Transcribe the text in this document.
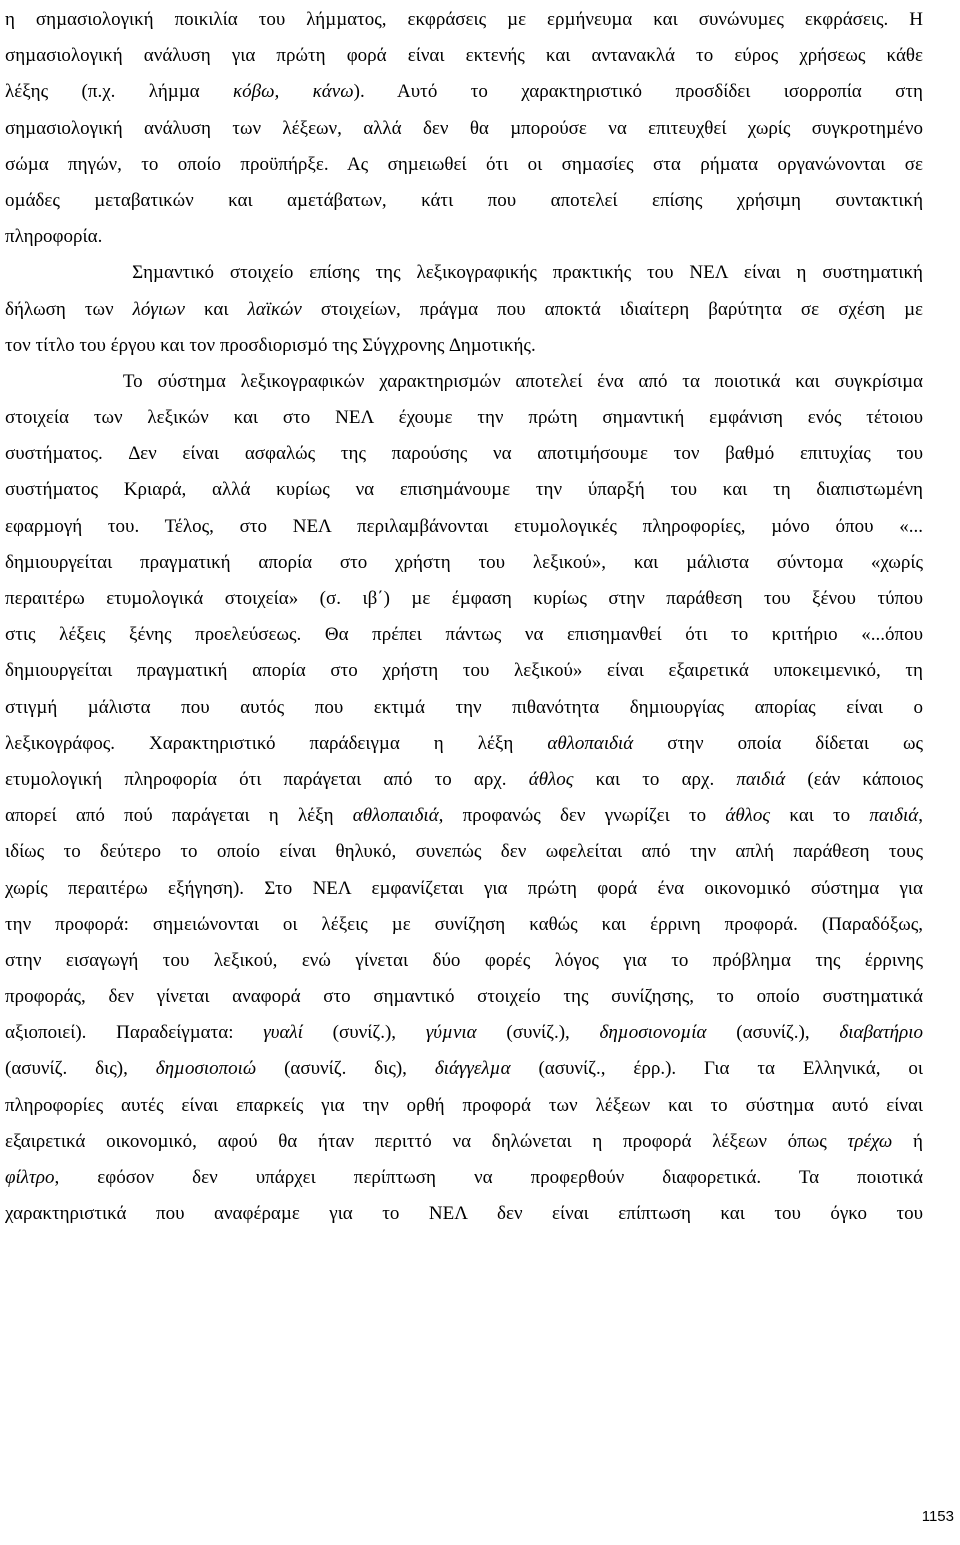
η σηµασιολογική ποικιλία του λήµµατος, εκφράσεις µε ερµήνευµα και συνώνυµες εκφράσεις. Η
σηµασιολογική ανάλυση για πρώτη φορά είναι εκτενής και αντανακλά το εύρος χρήσεως κάθε
λέξης (π.χ. λήµµα κόβω, κάνω). Αυτό το χαρακτηριστικό προσδίδει ισορροπία στη
σηµασιολογική ανάλυση των λέξεων, αλλά δεν θα µπορούσε να επιτευχθεί χωρίς συγκροτηµένο
σώµα πηγών, το οποίο προϋπήρξε. Ας σηµειωθεί ότι οι σηµασίες στα ρήµατα οργανώνονται σε
οµάδες µεταβατικών και αµετάβατων, κάτι που αποτελεί επίσης χρήσιµη συντακτική
πληροφορία.
Σηµαντικό στοιχείο επίσης της λεξικογραφικής πρακτικής του ΝΕΛ είναι η συστηµατική
δήλωση των λόγιων και λαϊκών στοιχείων, πράγµα που αποκτά ιδιαίτερη βαρύτητα σε σχέση µε
τον τίτλο του έργου και τον προσδιορισµό της Σύγχρονης ∆ηµοτικής.
Το σύστηµα λεξικογραφικών χαρακτηρισµών αποτελεί ένα από τα ποιοτικά και συγκρίσιµα
στοιχεία των λεξικών και στο ΝΕΛ έχουµε την πρώτη σηµαντική εµφάνιση ενός τέτοιου
συστήµατος. ∆εν είναι ασφαλώς της παρούσης να αποτιµήσουµε τον βαθµό επιτυχίας του
συστήµατος Κριαρά, αλλά κυρίως να επισηµάνουµε την ύπαρξή του και τη διαπιστωµένη
εφαρµογή του. Τέλος, στο ΝΕΛ περιλαµβάνονται ετυµολογικές πληροφορίες, µόνο όπου «...
δηµιουργείται πραγµατική απορία στο χρήστη του λεξικού», και µάλιστα σύντοµα «χωρίς
περαιτέρω ετυµολογικά στοιχεία» (σ. ιβ΄) µε έµφαση κυρίως στην παράθεση του ξένου τύπου
στις λέξεις ξένης προελεύσεως. Θα πρέπει πάντως να επισηµανθεί ότι το κριτήριο «...όπου
δηµιουργείται πραγµατική απορία στο χρήστη του λεξικού» είναι εξαιρετικά υποκειµενικό, τη
στιγµή µάλιστα που αυτός που εκτιµά την πιθανότητα δηµιουργίας απορίας είναι ο
λεξικογράφος. Χαρακτηριστικό παράδειγµα η λέξη αθλοπαιδιά στην οποία δίδεται ως
ετυµολογική πληροφορία ότι παράγεται από το αρχ. άθλος και το αρχ. παιδιά (εάν κάποιος
απορεί από πού παράγεται η λέξη αθλοπαιδιά, προφανώς δεν γνωρίζει το άθλος και το παιδιά,
ιδίως το δεύτερο το οποίο είναι θηλυκό, συνεπώς δεν ωφελείται από την απλή παράθεση τους
χωρίς περαιτέρω εξήγηση). Στο ΝΕΛ εµφανίζεται για πρώτη φορά ένα οικονοµικό σύστηµα για
την προφορά: σηµειώνονται οι λέξεις µε συνίζηση καθώς και έρρινη προφορά. (Παραδόξως,
στην εισαγωγή του λεξικού, ενώ γίνεται δύο φορές λόγος για το πρόβληµα της έρρινης
προφοράς, δεν γίνεται αναφορά στο σηµαντικό στοιχείο της συνίζησης, το οποίο συστηµατικά
αξιοποιεί). Παραδείγµατα: γυαλί (συνίζ.), γύµνια (συνίζ.), δηµοσιονοµία (ασυνίζ.), διαβατήριο
(ασυνίζ. δις), δηµοσιοποιώ (ασυνίζ. δις), διάγγελµα (ασυνίζ., έρρ.). Για τα Ελληνικά, οι
πληροφορίες αυτές είναι επαρκείς για την ορθή προφορά των λέξεων και το σύστηµα αυτό είναι
εξαιρετικά οικονοµικό, αφού θα ήταν περιττό να δηλώνεται η προφορά λέξεων όπως τρέχω ή
φίλτρο, εφόσον δεν υπάρχει περίπτωση να προφερθούν διαφορετικά. Τα ποιοτικά
χαρακτηριστικά που αναφέραµε για το ΝΕΛ δεν είναι επίπτωση και του όγκο του
1153
